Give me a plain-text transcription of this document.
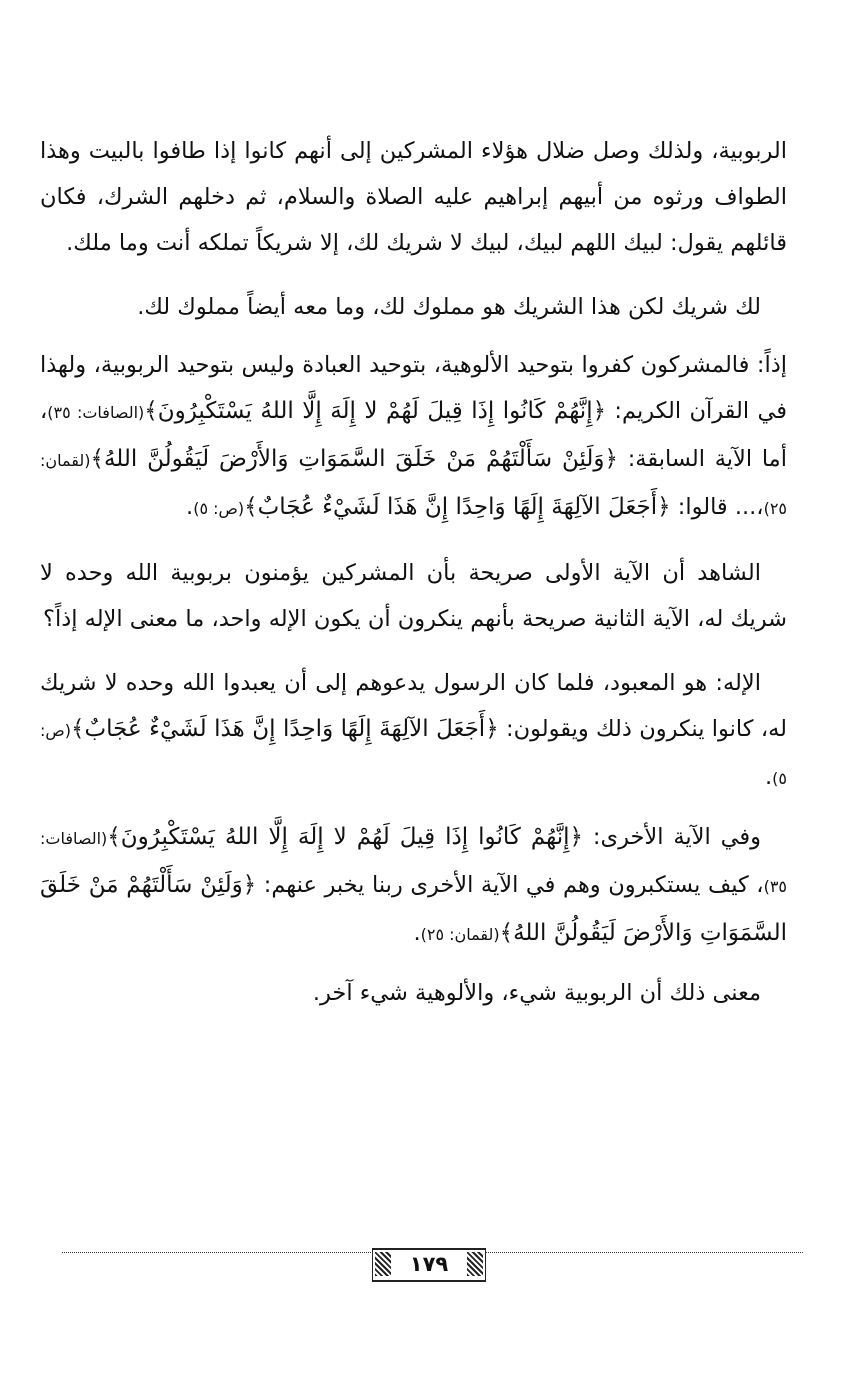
الربوبية، ولذلك وصل ضلال هؤلاء المشركين إلى أنهم كانوا إذا طافوا بالبيت وهذا الطواف ورثوه من أبيهم إبراهيم عليه الصلاة والسلام، ثم دخلهم الشرك، فكان قائلهم يقول: لبيك اللهم لبيك، لبيك لا شريك لك، إلا شريكاً تملكه أنت وما ملك.

لك شريك لكن هذا الشريك هو مملوك لك، وما معه أيضاً مملوك لك.

إذاً: فالمشركون كفروا بتوحيد الألوهية، بتوحيد العبادة وليس بتوحيد الربوبية، ولهذا في القرآن الكريم: ﴿إِنَّهُمْ كَانُوا إِذَا قِيلَ لَهُمْ لا إِلَهَ إِلَّا اللهُ يَسْتَكْبِرُونَ﴾(الصافات: ٣٥)، أما الآية السابقة: ﴿وَلَئِنْ سَأَلْتَهُمْ مَنْ خَلَقَ السَّمَوَاتِ وَالأَرْضَ لَيَقُولُنَّ اللهُ﴾(لقمان: ٢٥)،... قالوا: ﴿أَجَعَلَ الآلِهَةَ إِلَهًا وَاحِدًا إِنَّ هَذَا لَشَيْءٌ عُجَابٌ﴾(ص: ٥).

الشاهد أن الآية الأولى صريحة بأن المشركين يؤمنون بربوبية الله وحده لا شريك له، الآية الثانية صريحة بأنهم ينكرون أن يكون الإله واحد، ما معنى الإله إذاً؟

الإله: هو المعبود، فلما كان الرسول يدعوهم إلى أن يعبدوا الله وحده لا شريك له، كانوا ينكرون ذلك ويقولون: ﴿أَجَعَلَ الآلِهَةَ إِلَهًا وَاحِدًا إِنَّ هَذَا لَشَيْءٌ عُجَابٌ﴾(ص: ٥).

وفي الآية الأخرى: ﴿إِنَّهُمْ كَانُوا إِذَا قِيلَ لَهُمْ لا إِلَهَ إِلَّا اللهُ يَسْتَكْبِرُونَ﴾(الصافات: ٣٥)، كيف يستكبرون وهم في الآية الأخرى ربنا يخبر عنهم: ﴿وَلَئِنْ سَأَلْتَهُمْ مَنْ خَلَقَ السَّمَوَاتِ وَالأَرْضَ لَيَقُولُنَّ اللهُ﴾(لقمان: ٢٥).

معنى ذلك أن الربوبية شيء، والألوهية شيء آخر.

١٧٩
